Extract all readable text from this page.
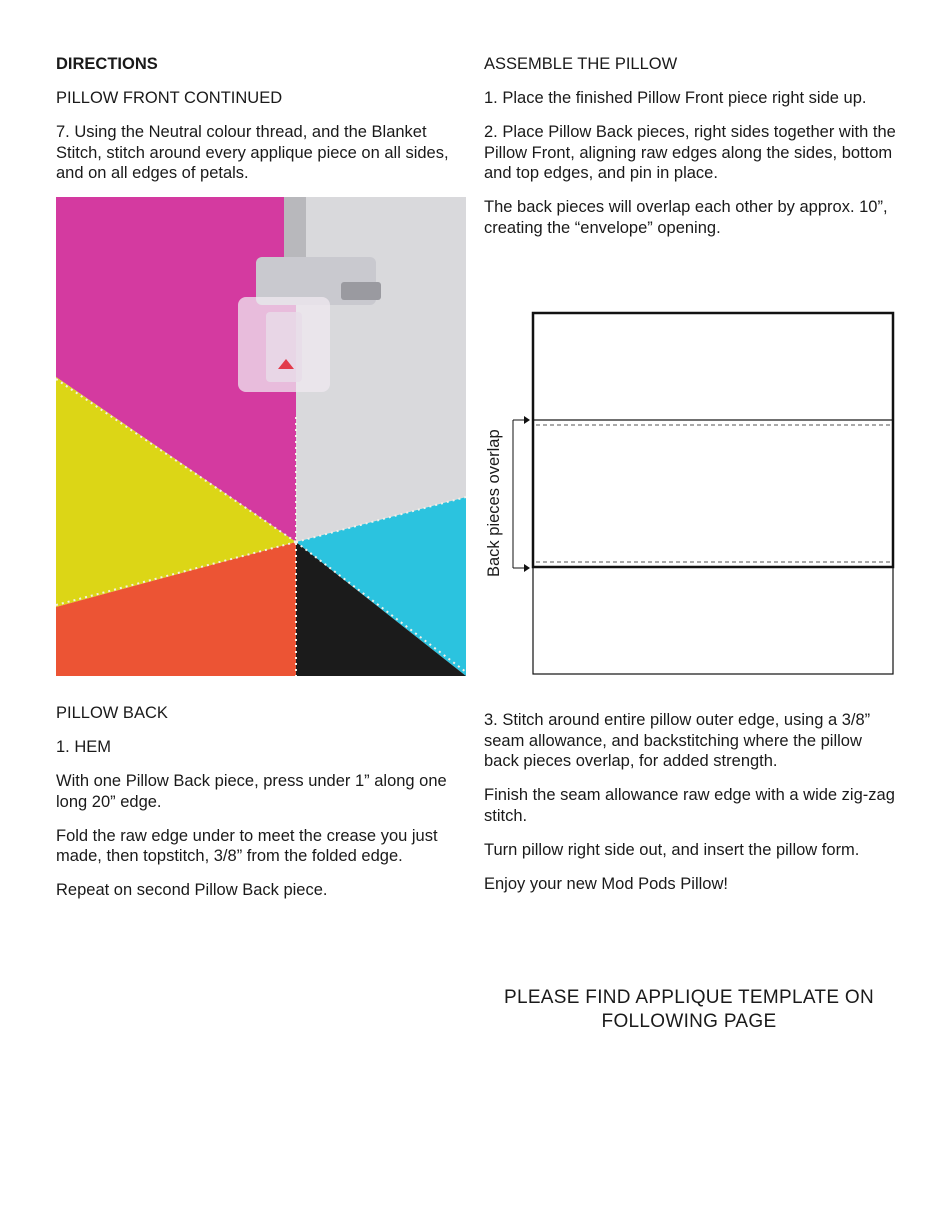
DIRECTIONS

PILLOW FRONT CONTINUED

7. Using the Neutral colour thread, and the Blanket Stitch, stitch around every applique piece on all sides, and on all edges of petals.

PILLOW BACK

1. HEM

With one Pillow Back piece, press under 1” along one long 20” edge.

Fold the raw edge under to meet the crease you just made, then topstitch, 3/8” from the folded edge.

Repeat on second Pillow Back piece.

ASSEMBLE THE PILLOW

1. Place the finished Pillow Front piece right side up.

2. Place Pillow Back pieces, right sides together with the Pillow Front, aligning raw edges along the sides, bottom and top edges, and pin in place.

The back pieces will overlap each other by approx. 10”, creating the “envelope” opening.

Back pieces overlap

3. Stitch around entire pillow outer edge, using a 3/8” seam allowance, and backstitching where the pillow back pieces overlap, for added strength.

Finish the seam allowance raw edge with a wide zig-zag stitch.

Turn pillow right side out, and insert the pillow form.

Enjoy your new Mod Pods Pillow!

PLEASE FIND APPLIQUE TEMPLATE ON
FOLLOWING PAGE
